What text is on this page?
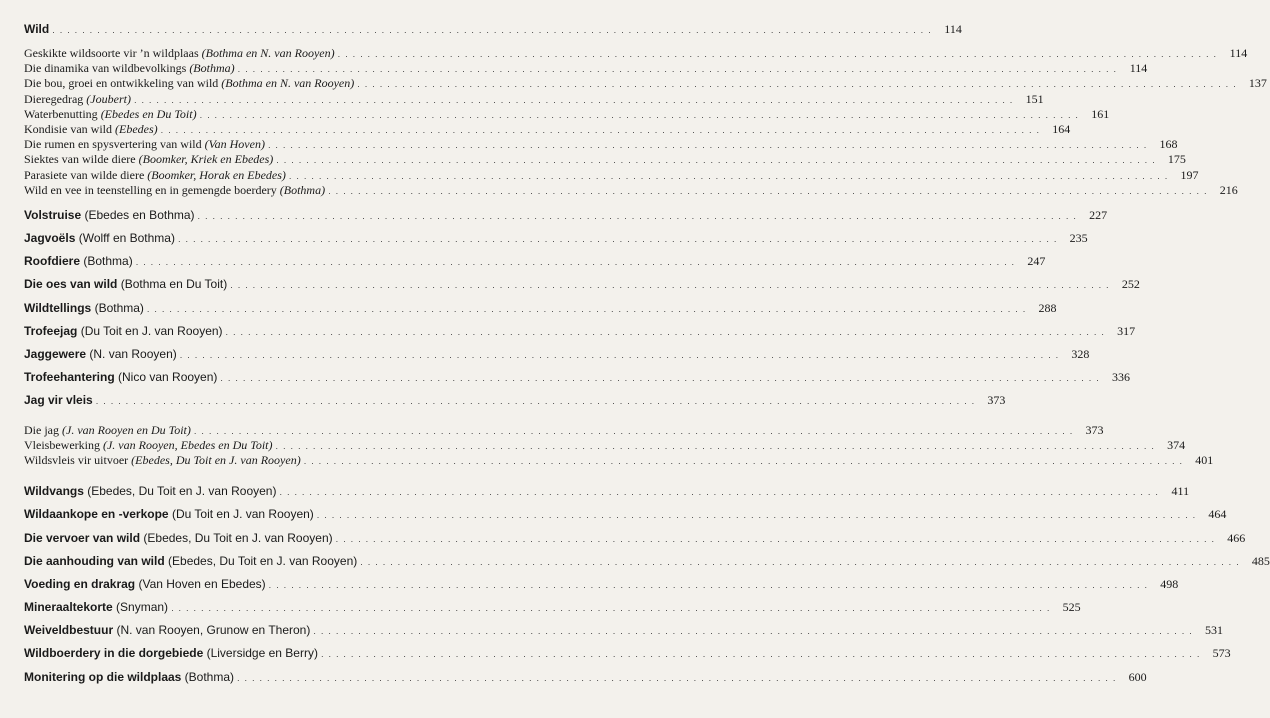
Wild . . .	114
Geskikte wildsoorte vir ’n wildplaas (Bothma en N. van Rooyen) . . .	114
Die dinamika van wildbevolkings (Bothma) . . .	114
Die bou, groei en ontwikkeling van wild (Bothma en N. van Rooyen) . . .	137
Dieregedrag (Joubert) . . .	151
Waterbenutting (Ebedes en Du Toit) . . .	161
Kondisie van wild (Ebedes) . . .	164
Die rumen en spysvertering van wild (Van Hoven) . . .	168
Siektes van wilde diere (Boomker, Kriek en Ebedes) . . .	175
Parasiete van wilde diere (Boomker, Horak en Ebedes) . . .	197
Wild en vee in teenstelling en in gemengde boerdery (Bothma) . . .	216
Volstruise (Ebedes en Bothma) . . .	227
Jagvoëls (Wolff en Bothma) . . .	235
Roofdiere (Bothma) . . .	247
Die oes van wild (Bothma en Du Toit) . . .	252
Wildtellings (Bothma) . . .	288
Trofeejag (Du Toit en J. van Rooyen) . . .	317
Jaggewere (N. van Rooyen) . . .	328
Trofeehantering (Nico van Rooyen) . . .	336
Jag vir vleis . . .	373
Die jag (J. van Rooyen en Du Toit) . . .	373
Vleisbewerking (J. van Rooyen, Ebedes en Du Toit) . . .	374
Wildsvleis vir uitvoer (Ebedes, Du Toit en J. van Rooyen) . . .	401
Wildvangs (Ebedes, Du Toit en J. van Rooyen) . . .	411
Wildaankope en -verkope (Du Toit en J. van Rooyen) . . .	464
Die vervoer van wild (Ebedes, Du Toit en J. van Rooyen) . . .	466
Die aanhouding van wild (Ebedes, Du Toit en J. van Rooyen) . . .	485
Voeding en drakrag (Van Hoven en Ebedes) . . .	498
Mineraaltekorte (Snyman) . . .	525
Weiveldbestuur (N. van Rooyen, Grunow en Theron) . . .	531
Wildboerdery in die dorgebiede (Liversidge en Berry) . . .	573
Monitering op die wildplaas (Bothma) . . .	600
